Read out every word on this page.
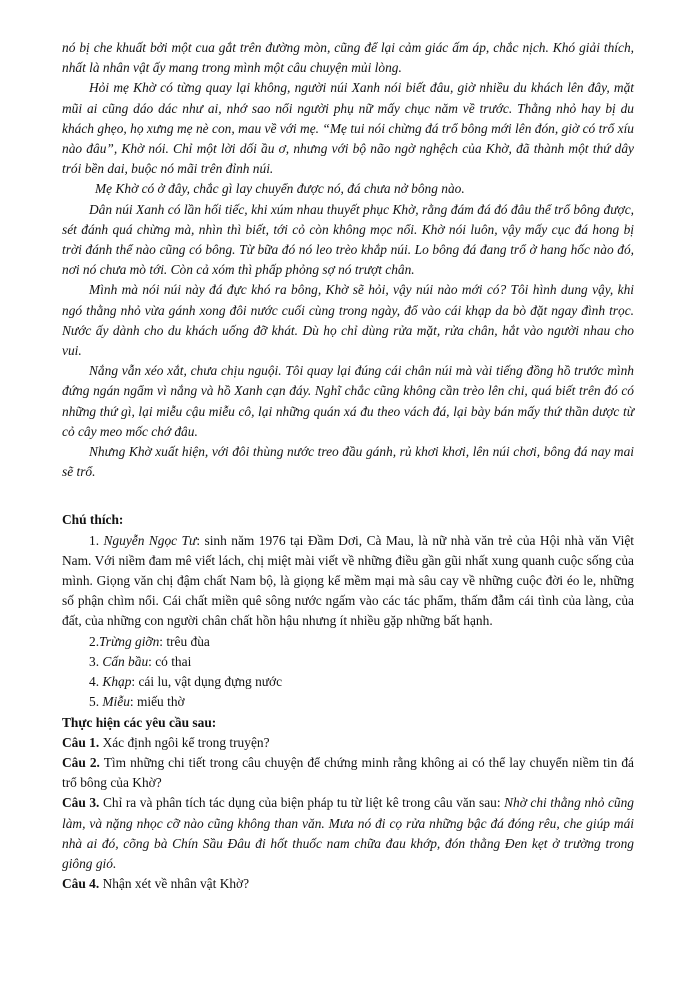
nó bị che khuất bởi một cua gắt trên đường mòn, cũng để lại cảm giác ấm áp, chắc nịch. Khó giải thích, nhất là nhân vật ấy mang trong mình một câu chuyện mủi lòng.

Hỏi mẹ Khờ có từng quay lại không, người núi Xanh nói biết đâu, giờ nhiều du khách lên đây, mặt mũi ai cũng dáo dác như ai, nhớ sao nổi người phụ nữ mấy chục năm về trước. Thằng nhỏ hay bị du khách ghẹo, họ xưng mẹ nè con, mau về với mẹ. “Mẹ tui nói chừng đá trổ bông mới lên đón, giờ có trổ xíu nào đâu”, Khờ nói. Chỉ một lời dối ầu ơ, nhưng với bộ não ngờ nghệch của Khờ, đã thành một thứ dây trói bền dai, buộc nó mãi trên đỉnh núi.

Mẹ Khờ có ở đây, chắc gì lay chuyển được nó, đá chưa nở bông nào.

Dân núi Xanh có lần hối tiếc, khi xúm nhau thuyết phục Khờ, rằng đám đá đó đâu thể trổ bông được, sét đánh quá chừng mà, nhìn thì biết, tới cỏ còn không mọc nổi. Khờ nói luôn, vậy mấy cục đá hong bị trời đánh thể nào cũng có bông. Từ bữa đó nó leo trèo khắp núi. Lo bông đá đang trổ ở hang hốc nào đó, nơi nó chưa mò tới. Còn cả xóm thì phấp phỏng sợ nó trượt chân.

Mình mà nói núi này đá đực khó ra bông, Khờ sẽ hỏi, vậy núi nào mới có? Tôi hình dung vậy, khi ngó thằng nhỏ vừa gánh xong đôi nước cuối cùng trong ngày, đổ vào cái khạp da bò đặt ngay đình trọc. Nước ấy dành cho du khách uống đỡ khát. Dù họ chỉ dùng rửa mặt, rửa chân, hắt vào người nhau cho vui.

Nắng vẫn xéo xắt, chưa chịu nguội. Tôi quay lại đúng cái chân núi mà vài tiếng đồng hồ trước mình đứng ngán ngẩm vì nắng và hồ Xanh cạn đáy. Nghĩ chắc cũng không cần trèo lên chi, quá biết trên đó có những thứ gì, lại miễu cậu miễu cô, lại những quán xá đu theo vách đá, lại bày bán mấy thứ thần dược từ cỏ cây meo mốc chớ đâu.

Nhưng Khờ xuất hiện, với đôi thùng nước treo đầu gánh, rủ khơi khơi, lên núi chơi, bông đá nay mai sẽ trổ.

Chú thích:

1. Nguyễn Ngọc Tư: sinh năm 1976 tại Đầm Dơi, Cà Mau, là nữ nhà văn trẻ của Hội nhà văn Việt Nam. Với niềm đam mê viết lách, chị miệt mài viết về những điều gần gũi nhất xung quanh cuộc sống của mình. Giọng văn chị đậm chất Nam bộ, là giọng kể mềm mại mà sâu cay về những cuộc đời éo le, những số phận chìm nổi. Cái chất miền quê sông nước ngấm vào các tác phẩm, thấm đẫm cái tình của làng, của đất, của những con người chân chất hồn hậu nhưng ít nhiều gặp những bất hạnh.

2.Trừng giỡn: trêu đùa

3. Cấn bầu: có thai

4. Khạp: cái lu, vật dụng đựng nước

5. Miễu: miếu thờ

Thực hiện các yêu cầu sau:

Câu 1. Xác định ngôi kể trong truyện?

Câu 2. Tìm những chi tiết trong câu chuyện để chứng minh rằng không ai có thể lay chuyển niềm tin đá trổ bông của Khờ?

Câu 3. Chỉ ra và phân tích tác dụng của biện pháp tu từ liệt kê trong câu văn sau: Nhờ chi thằng nhỏ cũng làm, và nặng nhọc cỡ nào cũng không than văn. Mưa nó đi cọ rửa những bậc đá đóng rêu, che giúp mái nhà ai đó, cõng bà Chín Sầu Đâu đi hốt thuốc nam chữa đau khớp, đón thằng Đen kẹt ở trường trong giông gió.

Câu 4. Nhận xét về nhân vật Khờ?
